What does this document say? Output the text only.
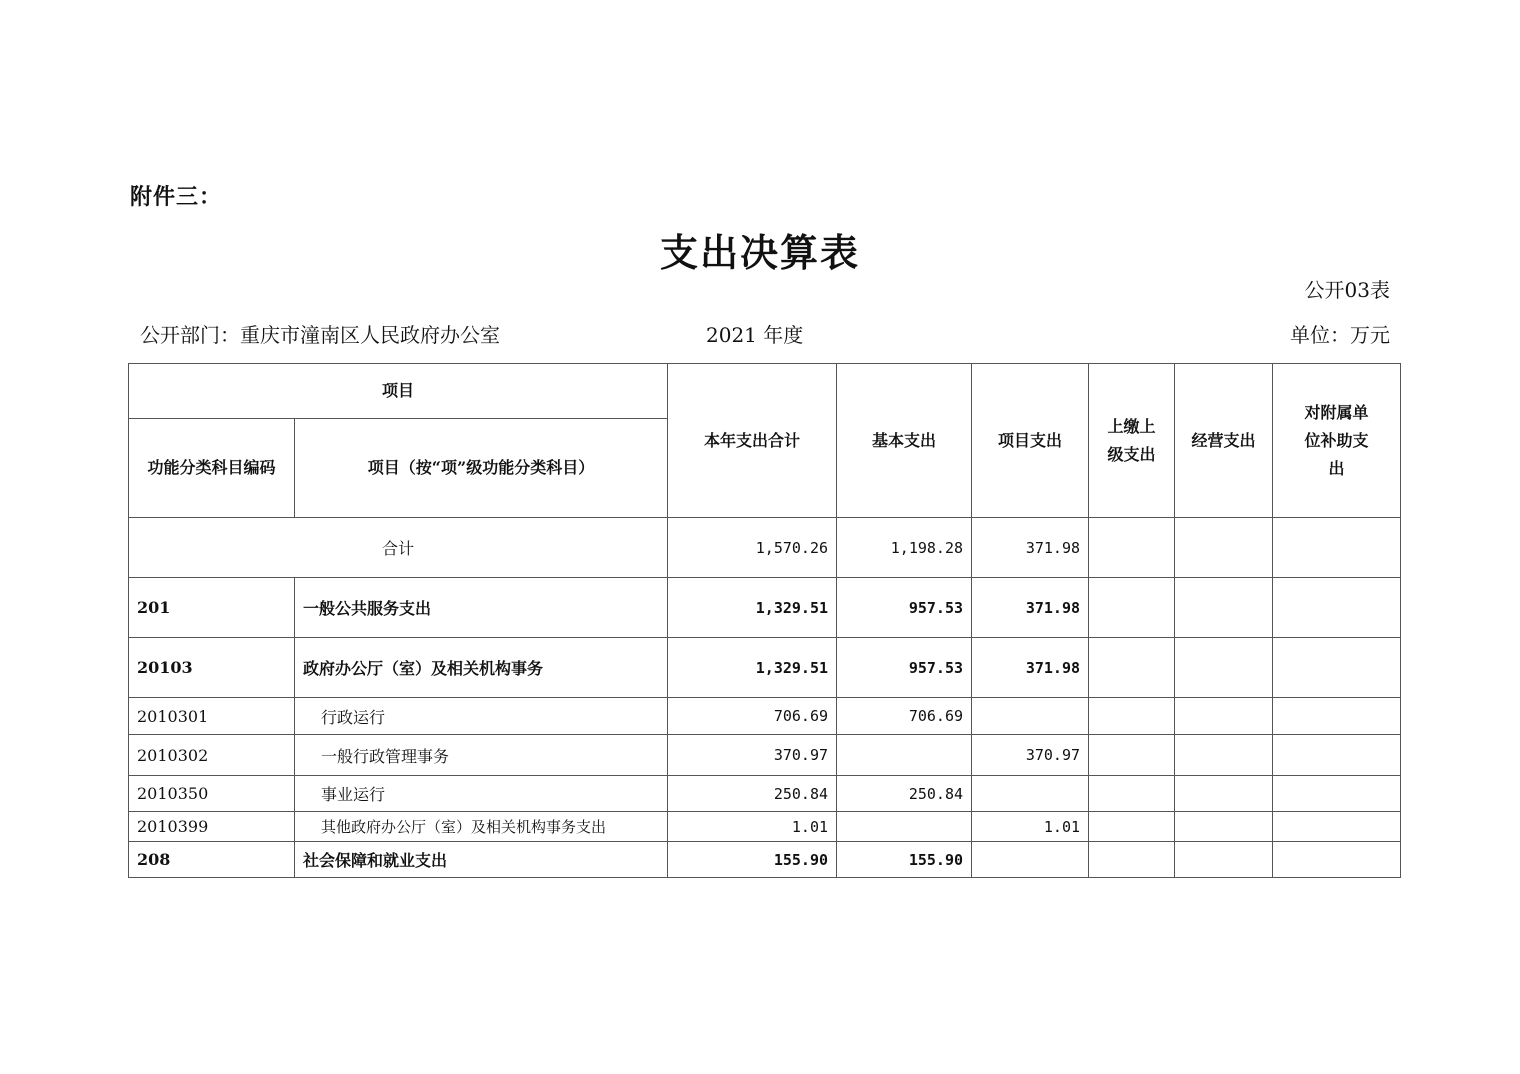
附件三：
支出决算表
公开03表
公开部门：重庆市潼南区人民政府办公室	2021 年度	单位：万元
项目		本年支出合计	基本支出	项目支出	上缴上级支出	经营支出	对附属单位补助支出
功能分类科目编码	项目（按“项”级功能分类科目）						
合计		1,570.26	1,198.28	371.98			
201	一般公共服务支出	1,329.51	957.53	371.98			
20103	政府办公厅（室）及相关机构事务	1,329.51	957.53	371.98			
2010301	行政运行	706.69	706.69				
2010302	一般行政管理事务	370.97		370.97			
2010350	事业运行	250.84	250.84				
2010399	其他政府办公厅（室）及相关机构事务支出	1.01		1.01			
208	社会保障和就业支出	155.90	155.90				
